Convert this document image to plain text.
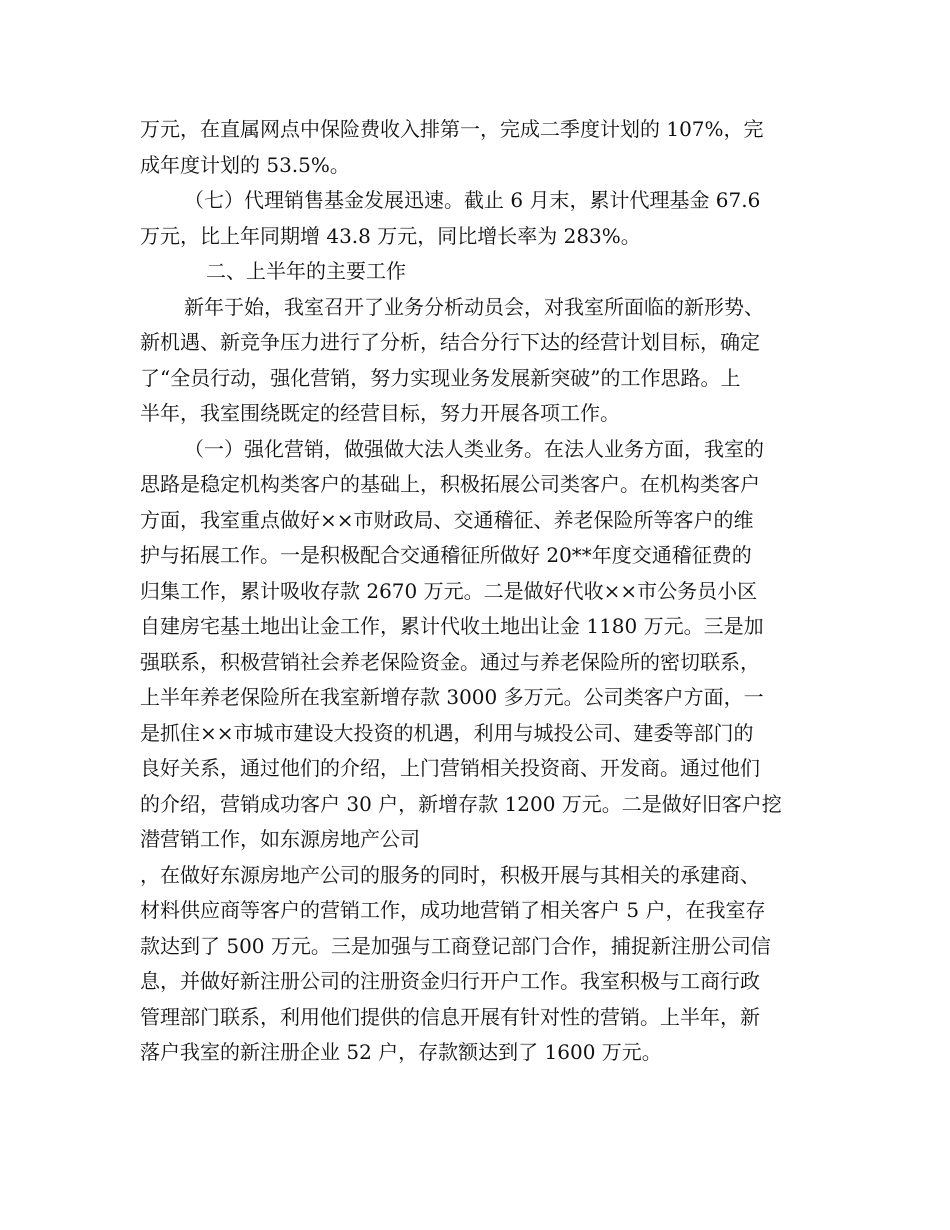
万元，在直属网点中保险费收入排第一，完成二季度计划的 107%，完
成年度计划的 53.5%。
（七）代理销售基金发展迅速。截止 6 月末，累计代理基金 67.6
万元，比上年同期增 43.8 万元，同比增长率为 283%。
二、上半年的主要工作
新年于始，我室召开了业务分析动员会，对我室所面临的新形势、
新机遇、新竞争压力进行了分析，结合分行下达的经营计划目标，确定
了“全员行动，强化营销，努力实现业务发展新突破”的工作思路。上
半年，我室围绕既定的经营目标，努力开展各项工作。
（一）强化营销，做强做大法人类业务。在法人业务方面，我室的
思路是稳定机构类客户的基础上，积极拓展公司类客户。在机构类客户
方面，我室重点做好××市财政局、交通稽征、养老保险所等客户的维
护与拓展工作。一是积极配合交通稽征所做好 20**年度交通稽征费的
归集工作，累计吸收存款 2670 万元。二是做好代收××市公务员小区
自建房宅基土地出让金工作，累计代收土地出让金 1180 万元。三是加
强联系，积极营销社会养老保险资金。通过与养老保险所的密切联系，
上半年养老保险所在我室新增存款 3000 多万元。公司类客户方面，一
是抓住××市城市建设大投资的机遇，利用与城投公司、建委等部门的
良好关系，通过他们的介绍，上门营销相关投资商、开发商。通过他们
的介绍，营销成功客户 30 户，新增存款 1200 万元。二是做好旧客户挖
潜营销工作，如东源房地产公司
，在做好东源房地产公司的服务的同时，积极开展与其相关的承建商、
材料供应商等客户的营销工作，成功地营销了相关客户 5 户，在我室存
款达到了 500 万元。三是加强与工商登记部门合作，捕捉新注册公司信
息，并做好新注册公司的注册资金归行开户工作。我室积极与工商行政
管理部门联系，利用他们提供的信息开展有针对性的营销。上半年，新
落户我室的新注册企业 52 户，存款额达到了 1600 万元。
